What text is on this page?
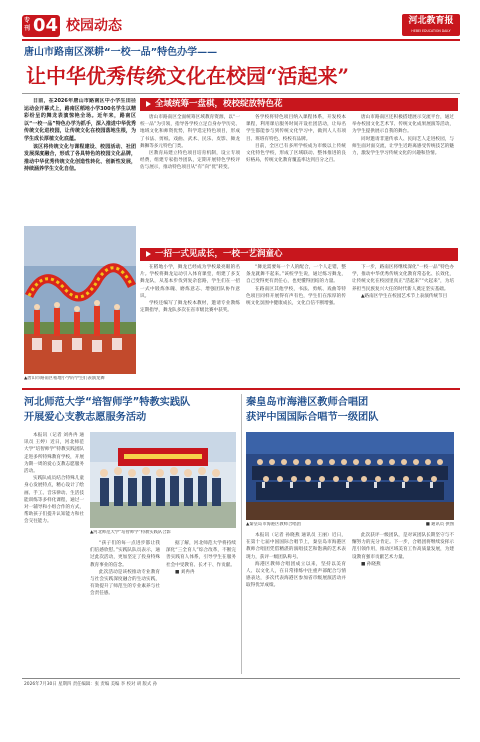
专刊 04 校园动态	河北教育报
HEBEI EDUCATION DAILY
唐山市路南区深耕“一校一品”特色办学——
让中华优秀传统文化在校园“活起来”

日前，在2026年唐山市路南区中小学生田径运动会开幕式上，路南区稻地小学300名学生以精彩纷呈的舞龙表演惊艳全场。近年来，路南区以“一校一品”特色办学为抓手，深入推进中华优秀传统文化进校园，让传统文化在校园落地生根，为学生成长厚植文化底蕴。

该区将传统文化与课程建设、校园活动、社团发展深度融合，形成了各具特色的校园文化品牌，推动中华优秀传统文化创造性转化、创新性发展，持续涵养学生文化自信。

▲唐山市路南区稻地小学的学生们表演龙舞
全域统筹一盘棋，校校绽放特色花

唐山市路南区全面统筹区域教育资源，以“一校一品”为引领，指导各学校立足自身办学历史、地域文化和师资优势，科学选定特色项目，形成了书法、剪纸、戏曲、武术、民乐、皮影、舞龙舞狮等多元特色门类。

区教育局建立特色项目培育机制，设立专项经费，组建专家指导团队，定期开展特色学校评估与展示，推动特色项目从“有”向“优”转变。

各学校将特色项目纳入课程体系，开发校本课程，利用课后服务时间开设社团活动，让每名学生都能参与到传统文化学习中，做到人人有项目、班班有特色、校校有品牌。

目前，全区已有多所学校成为市级以上传统文化特色学校，形成了区域联动、整体推进的良好格局，传统文化教育覆盖率达到百分之百。

唐山市路南区还积极搭建展示交流平台，通过举办校园文化艺术节、传统文化成果展演等活动，为学生提供展示自我的舞台。

同时邀请非遗传承人、民间艺人走进校园，与师生面对面交流，让学生近距离感受传统技艺的魅力，激发学生学习传统文化的兴趣和热情。

一招一式见成长，一校一艺润童心

在稻地小学，舞龙已经成为学校最亮眼的名片。学校将舞龙运动引入体育课堂，组建了多支舞龙队，从基本步伐到复杂套路，学生们在一招一式中锻炼体魄、磨炼意志、增强团队协作意识。

学校还编写了舞龙校本教材，邀请专业教练定期指导，舞龙队多次在省市级比赛中获奖。

“舞龙需要每一个人的配合，一个人走错，整条龙就舞不起来。”该校学生说，通过练习舞龙，自己变得更有责任心，也更懂得团结的力量。

在路南区其他学校，书法、剪纸、戏曲等特色项目同样开展得有声有色，学生们在浓厚的传统文化氛围中健康成长，文化自信不断增强。

下一步，路南区将继续深化“一校一品”特色办学，推动中华优秀传统文化教育常态化、长效化，让传统文化在校园里真正“活起来”“火起来”，为培养担当民族复兴大任的时代新人奠定坚实基础。

▲路南区学生在校园艺术节上表演传统节目

河北师范大学“培智师学”特教实践队
开展爱心支教志愿服务活动

本报讯（记者 刘冉冉 通讯员 王婷）近日，河北师范大学“培智师学”特教实践团队走进多所特殊教育学校，开展为期一周的爱心支教志愿服务活动。

实践队成员结合特殊儿童身心发展特点，精心设计了绘画、手工、音乐律动、生活技能训练等多样化课程，通过一对一辅导和小组合作的方式，帮助孩子们提升认知能力和社会交往能力。

▲河北师范大学“培智师学”特教实践队合影

“孩子们的每一点进步都让我们倍感欣慰。”实践队队员表示，通过此次活动，更加坚定了投身特殊教育事业的信念。

此次活动是该校推动专业教育与社会实践深度融合的生动实践，有效提升了师范生的专业素养与社会责任感。

据了解，河北师范大学将持续深化“三全育人”综合改革，不断完善实践育人体系，引导学生在服务社会中受教育、长才干、作贡献。

■ 刘冉冉

秦皇岛市海港区教师合唱团
获评中国国际合唱节一级团队
▲秦皇岛市海港区教师合唱团	■ 通讯员 供图

本报讯（记者 孙晓燕 通讯员 王丽）近日，在第十七届中国国际合唱节上，秦皇岛市海港区教师合唱团凭借精湛的演唱技艺和饱满的艺术表现力，获评一级团队称号。

海港区教师合唱团成立以来，坚持以美育人、以文化人，在日常排练中注重声部配合与情感表达，多次代表海港区参加省市级展演活动并取得优异成绩。

此次获评一级团队，是对该团队长期坚守与不懈努力的充分肯定。下一步，合唱团将继续发挥示范引领作用，推动区域美育工作高质量发展，为建设教育强市贡献艺术力量。

■ 孙晓燕

2026年7月30日 星期四 责任编辑：张 责编 美编 李 校对 胡 版式 孙
